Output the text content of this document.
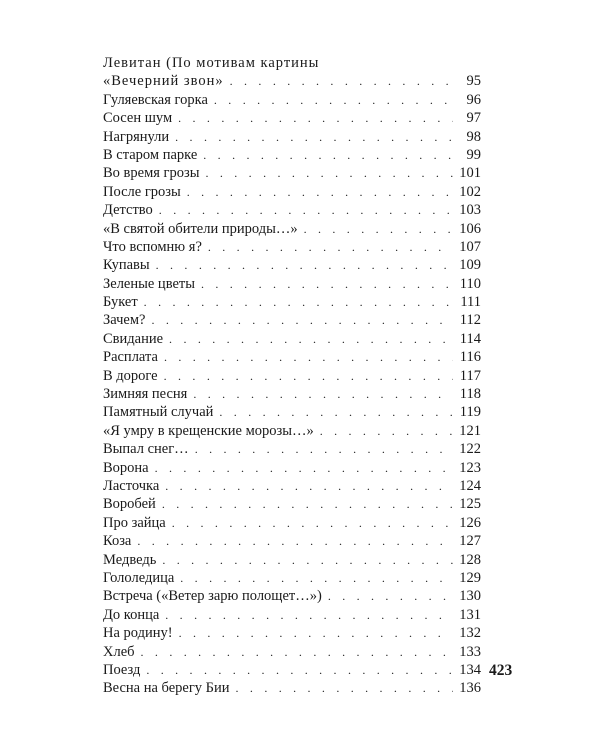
Левитан (По мотивам картины
«Вечерний звон» . . .	95
Гуляевская горка . . .	96
Сосен шум . . .	97
Нагрянули . . .	98
В старом парке . . .	99
Во время грозы . . .	101
После грозы . . .	102
Детство . . .	103
«В святой обители природы…» . . .	106
Что вспомню я? . . .	107
Купавы . . .	109
Зеленые цветы . . .	110
Букет . . .	111
Зачем? . . .	112
Свидание . . .	114
Расплата . . .	116
В дороге . . .	117
Зимняя песня . . .	118
Памятный случай . . .	119
«Я умру в крещенские морозы…» . . .	121
Выпал снег… . . .	122
Ворона . . .	123
Ласточка . . .	124
Воробей . . .	125
Про зайца . . .	126
Коза . . .	127
Медведь . . .	128
Гололедица . . .	129
Встреча («Ветер зарю полощет…») . . .	130
До конца . . .	131
На родину! . . .	132
Хлеб . . .	133
Поезд . . .	134
Весна на берегу Бии . . .	136
423
